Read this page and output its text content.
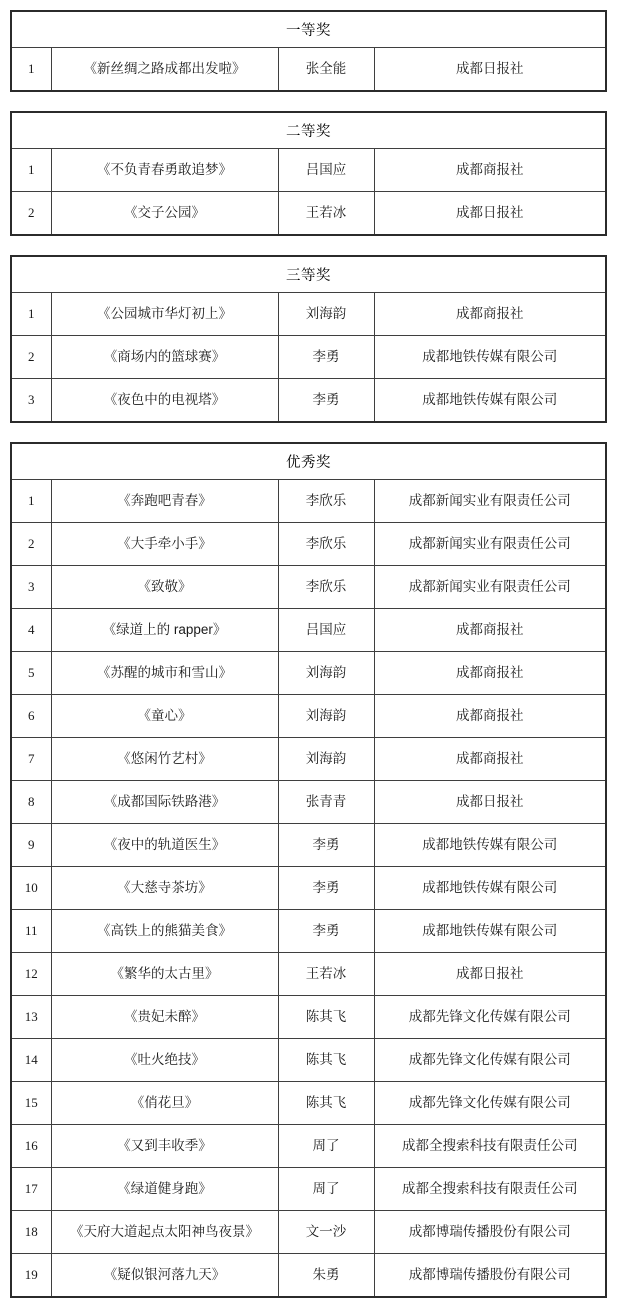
一等奖
1	《新丝绸之路成都出发啦》	张全能	成都日报社
二等奖			
1	《不负青春勇敢追梦》	吕国应	成都商报社
2	《交子公园》	王若冰	成都日报社
三等奖			
1	《公园城市华灯初上》	刘海韵	成都商报社
2	《商场内的篮球赛》	李勇	成都地铁传媒有限公司
3	《夜色中的电视塔》	李勇	成都地铁传媒有限公司
优秀奖			
1	《奔跑吧青春》	李欣乐	成都新闻实业有限责任公司
2	《大手牵小手》	李欣乐	成都新闻实业有限责任公司
3	《致敬》	李欣乐	成都新闻实业有限责任公司
4	《绿道上的 rapper》	吕国应	成都商报社
5	《苏醒的城市和雪山》	刘海韵	成都商报社
6	《童心》	刘海韵	成都商报社
7	《悠闲竹艺村》	刘海韵	成都商报社
8	《成都国际铁路港》	张青青	成都日报社
9	《夜中的轨道医生》	李勇	成都地铁传媒有限公司
10	《大慈寺茶坊》	李勇	成都地铁传媒有限公司
11	《高铁上的熊猫美食》	李勇	成都地铁传媒有限公司
12	《繁华的太古里》	王若冰	成都日报社
13	《贵妃未醉》	陈其飞	成都先锋文化传媒有限公司
14	《吐火绝技》	陈其飞	成都先锋文化传媒有限公司
15	《俏花旦》	陈其飞	成都先锋文化传媒有限公司
16	《又到丰收季》	周了	成都全搜索科技有限责任公司
17	《绿道健身跑》	周了	成都全搜索科技有限责任公司
18	《天府大道起点太阳神鸟夜景》	文一沙	成都博瑞传播股份有限公司
19	《疑似银河落九天》	朱勇	成都博瑞传播股份有限公司
